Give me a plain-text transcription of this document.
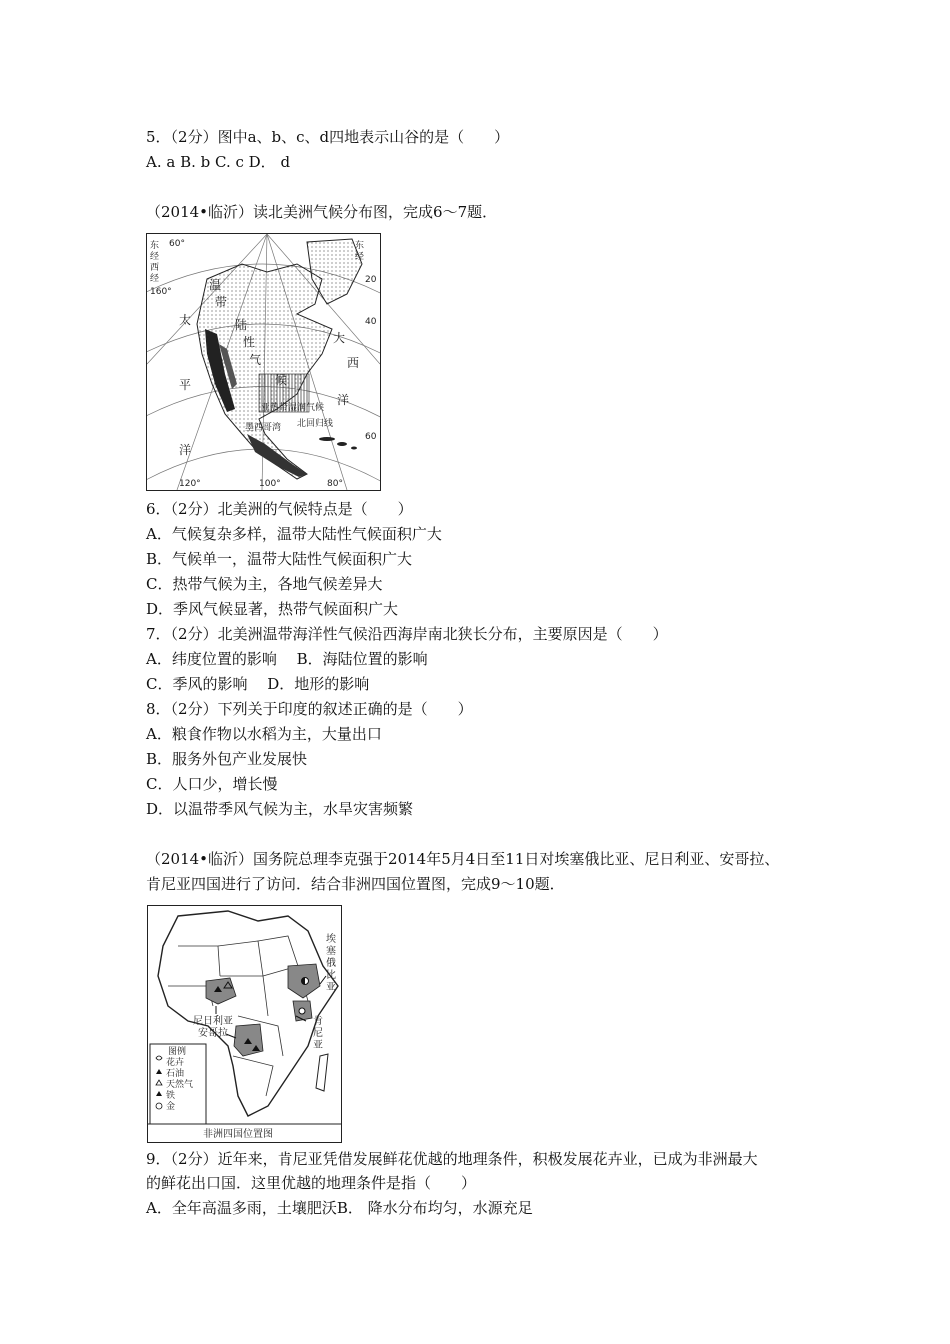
5．（2分）图中a、b、c、d四地表示山谷的是（　　）
A. a B. b C. c D． d
（2014•临沂）读北美洲气候分布图，完成6～7题．
60°
160°
120°	100°	80°
20
40
60
东
经
西
经
东
经
太
平
洋
大
西
洋
温
带
陆
性
气
候
亚热带湿润气候
墨西哥湾 北回归线
6．（2分）北美洲的气候特点是（　　）
A．气候复杂多样，温带大陆性气候面积广大
B．气候单一，温带大陆性气候面积广大
C．热带气候为主，各地气候差异大
D．季风气候显著，热带气候面积广大
7．（2分）北美洲温带海洋性气候沿西海岸南北狭长分布，主要原因是（　　）
A．纬度位置的影响　 B．海陆位置的影响
C．季风的影响　 D．地形的影响
8．（2分）下列关于印度的叙述正确的是（　　）
A．粮食作物以水稻为主，大量出口
B．服务外包产业发展快
C．人口少，增长慢
D．以温带季风气候为主，水旱灾害频繁
（2014•临沂）国务院总理李克强于2014年5月4日至11日对埃塞俄比亚、尼日利亚、安哥拉、
肯尼亚四国进行了访问．结合非洲四国位置图，完成9～10题．
埃
塞
俄
比
亚
尼日利亚
安哥拉
肯
尼
亚
图例
花卉
石油
天然气
铁
金
非洲四国位置图
9．（2分）近年来，肯尼亚凭借发展鲜花优越的地理条件，积极发展花卉业，已成为非洲最大
的鲜花出口国．这里优越的地理条件是指（　　）
A．全年高温多雨，土壤肥沃B． 降水分布均匀，水源充足
